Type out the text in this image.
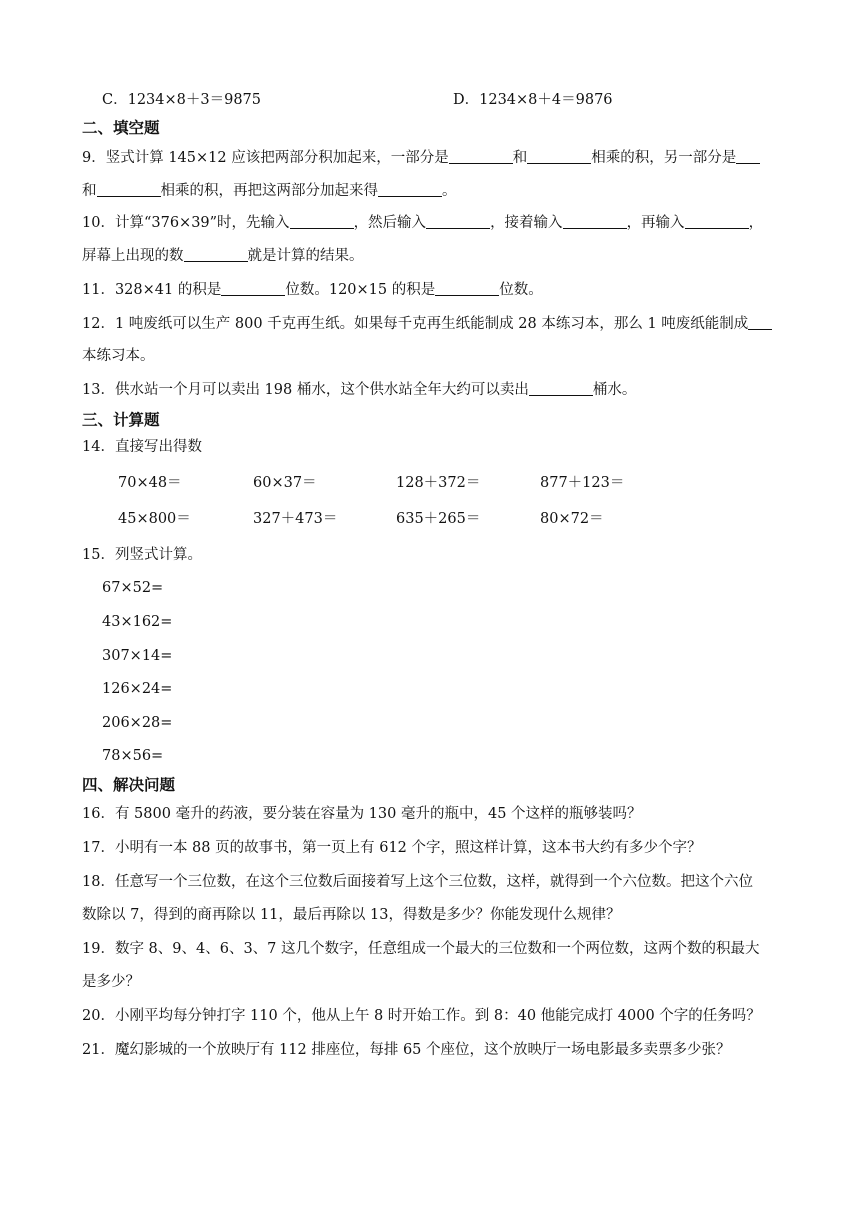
C．1234×8＋3＝9875	D．1234×8＋4＝9876
二、填空题
9．竖式计算 145×12 应该把两部分积加起来，一部分是	和	相乘的积，另一部分是
和	相乘的积，再把这两部分加起来得	。
10．计算“376×39”时，先输入	，然后输入	，接着输入	，再输入	，
屏幕上出现的数	就是计算的结果。
11．328×41 的积是	位数。120×15 的积是	位数。
12．1 吨废纸可以生产 800 千克再生纸。如果每千克再生纸能制成 28 本练习本，那么 1 吨废纸能制成
本练习本。
13．供水站一个月可以卖出 198 桶水，这个供水站全年大约可以卖出	桶水。
三、计算题
14．直接写出得数
70×48＝	60×37＝	128＋372＝	877＋123＝
45×800＝	327＋473＝	635＋265＝	80×72＝
15．列竖式计算。
67×52=
43×162=
307×14=
126×24=
206×28=
78×56=
四、解决问题
16．有 5800 毫升的药液，要分装在容量为 130 毫升的瓶中，45 个这样的瓶够装吗？
17．小明有一本 88 页的故事书，第一页上有 612 个字，照这样计算，这本书大约有多少个字？
18．任意写一个三位数，在这个三位数后面接着写上这个三位数，这样，就得到一个六位数。把这个六位
数除以 7，得到的商再除以 11，最后再除以 13，得数是多少？你能发现什么规律？
19．数字 8、9、4、6、3、7 这几个数字，任意组成一个最大的三位数和一个两位数，这两个数的积最大
是多少？
20．小刚平均每分钟打字 110 个，他从上午 8 时开始工作。到 8：40 他能完成打 4000 个字的任务吗？
21．魔幻影城的一个放映厅有 112 排座位，每排 65 个座位，这个放映厅一场电影最多卖票多少张？
